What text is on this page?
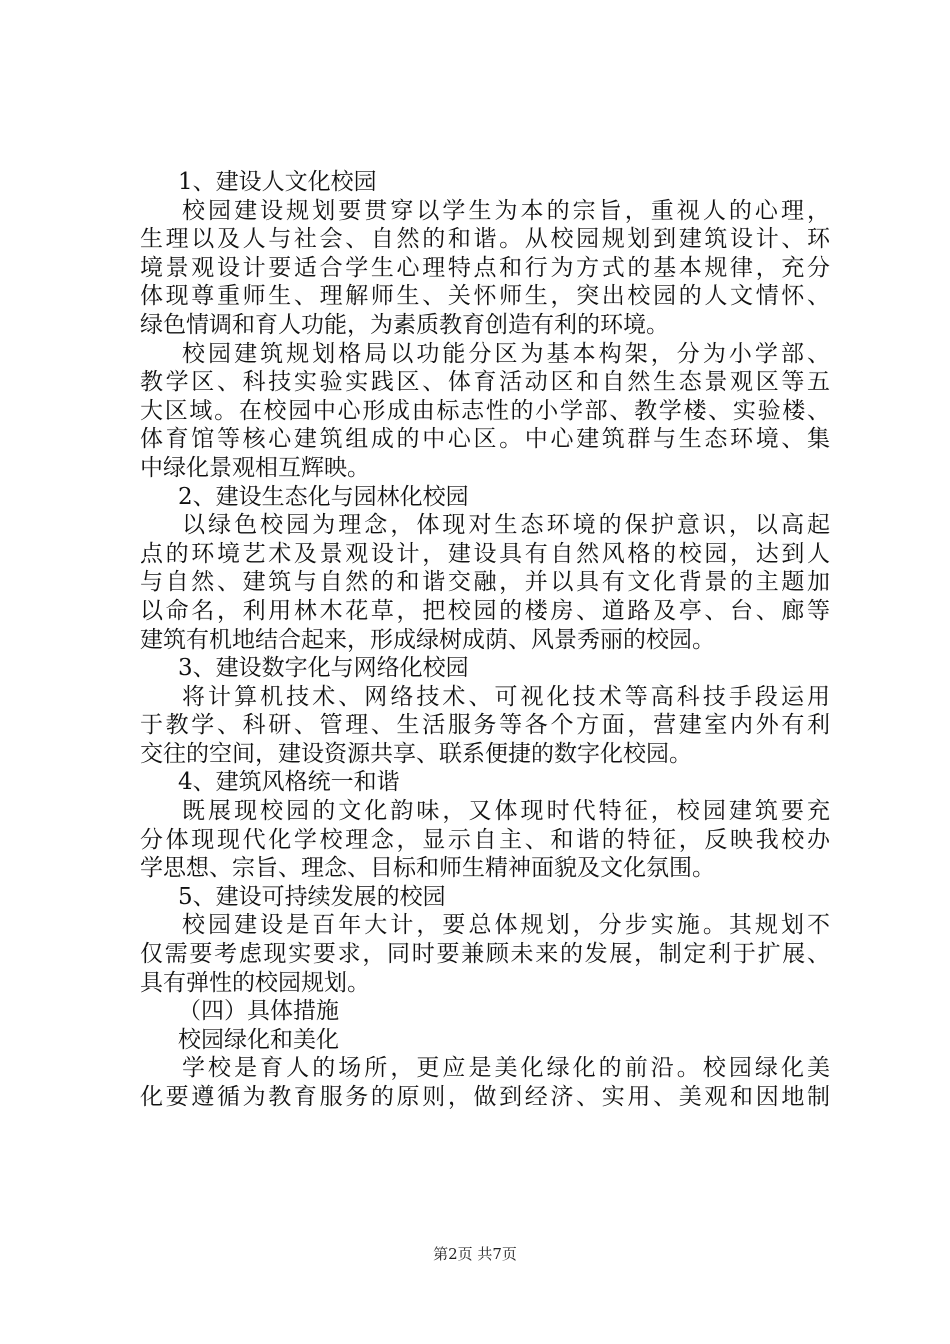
1、建设人文化校园

校园建设规划要贯穿以学生为本的宗旨，重视人的心理，

生理以及人与社会、自然的和谐。从校园规划到建筑设计、环

境景观设计要适合学生心理特点和行为方式的基本规律，充分

体现尊重师生、理解师生、关怀师生，突出校园的人文情怀、

绿色情调和育人功能，为素质教育创造有利的环境。

校园建筑规划格局以功能分区为基本构架，分为小学部、

教学区、科技实验实践区、体育活动区和自然生态景观区等五

大区域。在校园中心形成由标志性的小学部、教学楼、实验楼、

体育馆等核心建筑组成的中心区。中心建筑群与生态环境、集

中绿化景观相互辉映。

2、建设生态化与园林化校园

以绿色校园为理念，体现对生态环境的保护意识，以高起

点的环境艺术及景观设计，建设具有自然风格的校园，达到人

与自然、建筑与自然的和谐交融，并以具有文化背景的主题加

以命名，利用林木花草，把校园的楼房、道路及亭、台、廊等

建筑有机地结合起来，形成绿树成荫、风景秀丽的校园。

3、建设数字化与网络化校园

将计算机技术、网络技术、可视化技术等高科技手段运用

于教学、科研、管理、生活服务等各个方面，营建室内外有利

交往的空间，建设资源共享、联系便捷的数字化校园。

4、建筑风格统一和谐

既展现校园的文化韵味，又体现时代特征，校园建筑要充

分体现现代化学校理念，显示自主、和谐的特征，反映我校办

学思想、宗旨、理念、目标和师生精神面貌及文化氛围。

5、建设可持续发展的校园

校园建设是百年大计，要总体规划，分步实施。其规划不

仅需要考虑现实要求，同时要兼顾未来的发展，制定利于扩展、

具有弹性的校园规划。

（四）具体措施

校园绿化和美化

学校是育人的场所，更应是美化绿化的前沿。校园绿化美

化要遵循为教育服务的原则，做到经济、实用、美观和因地制

第2页 共7页
